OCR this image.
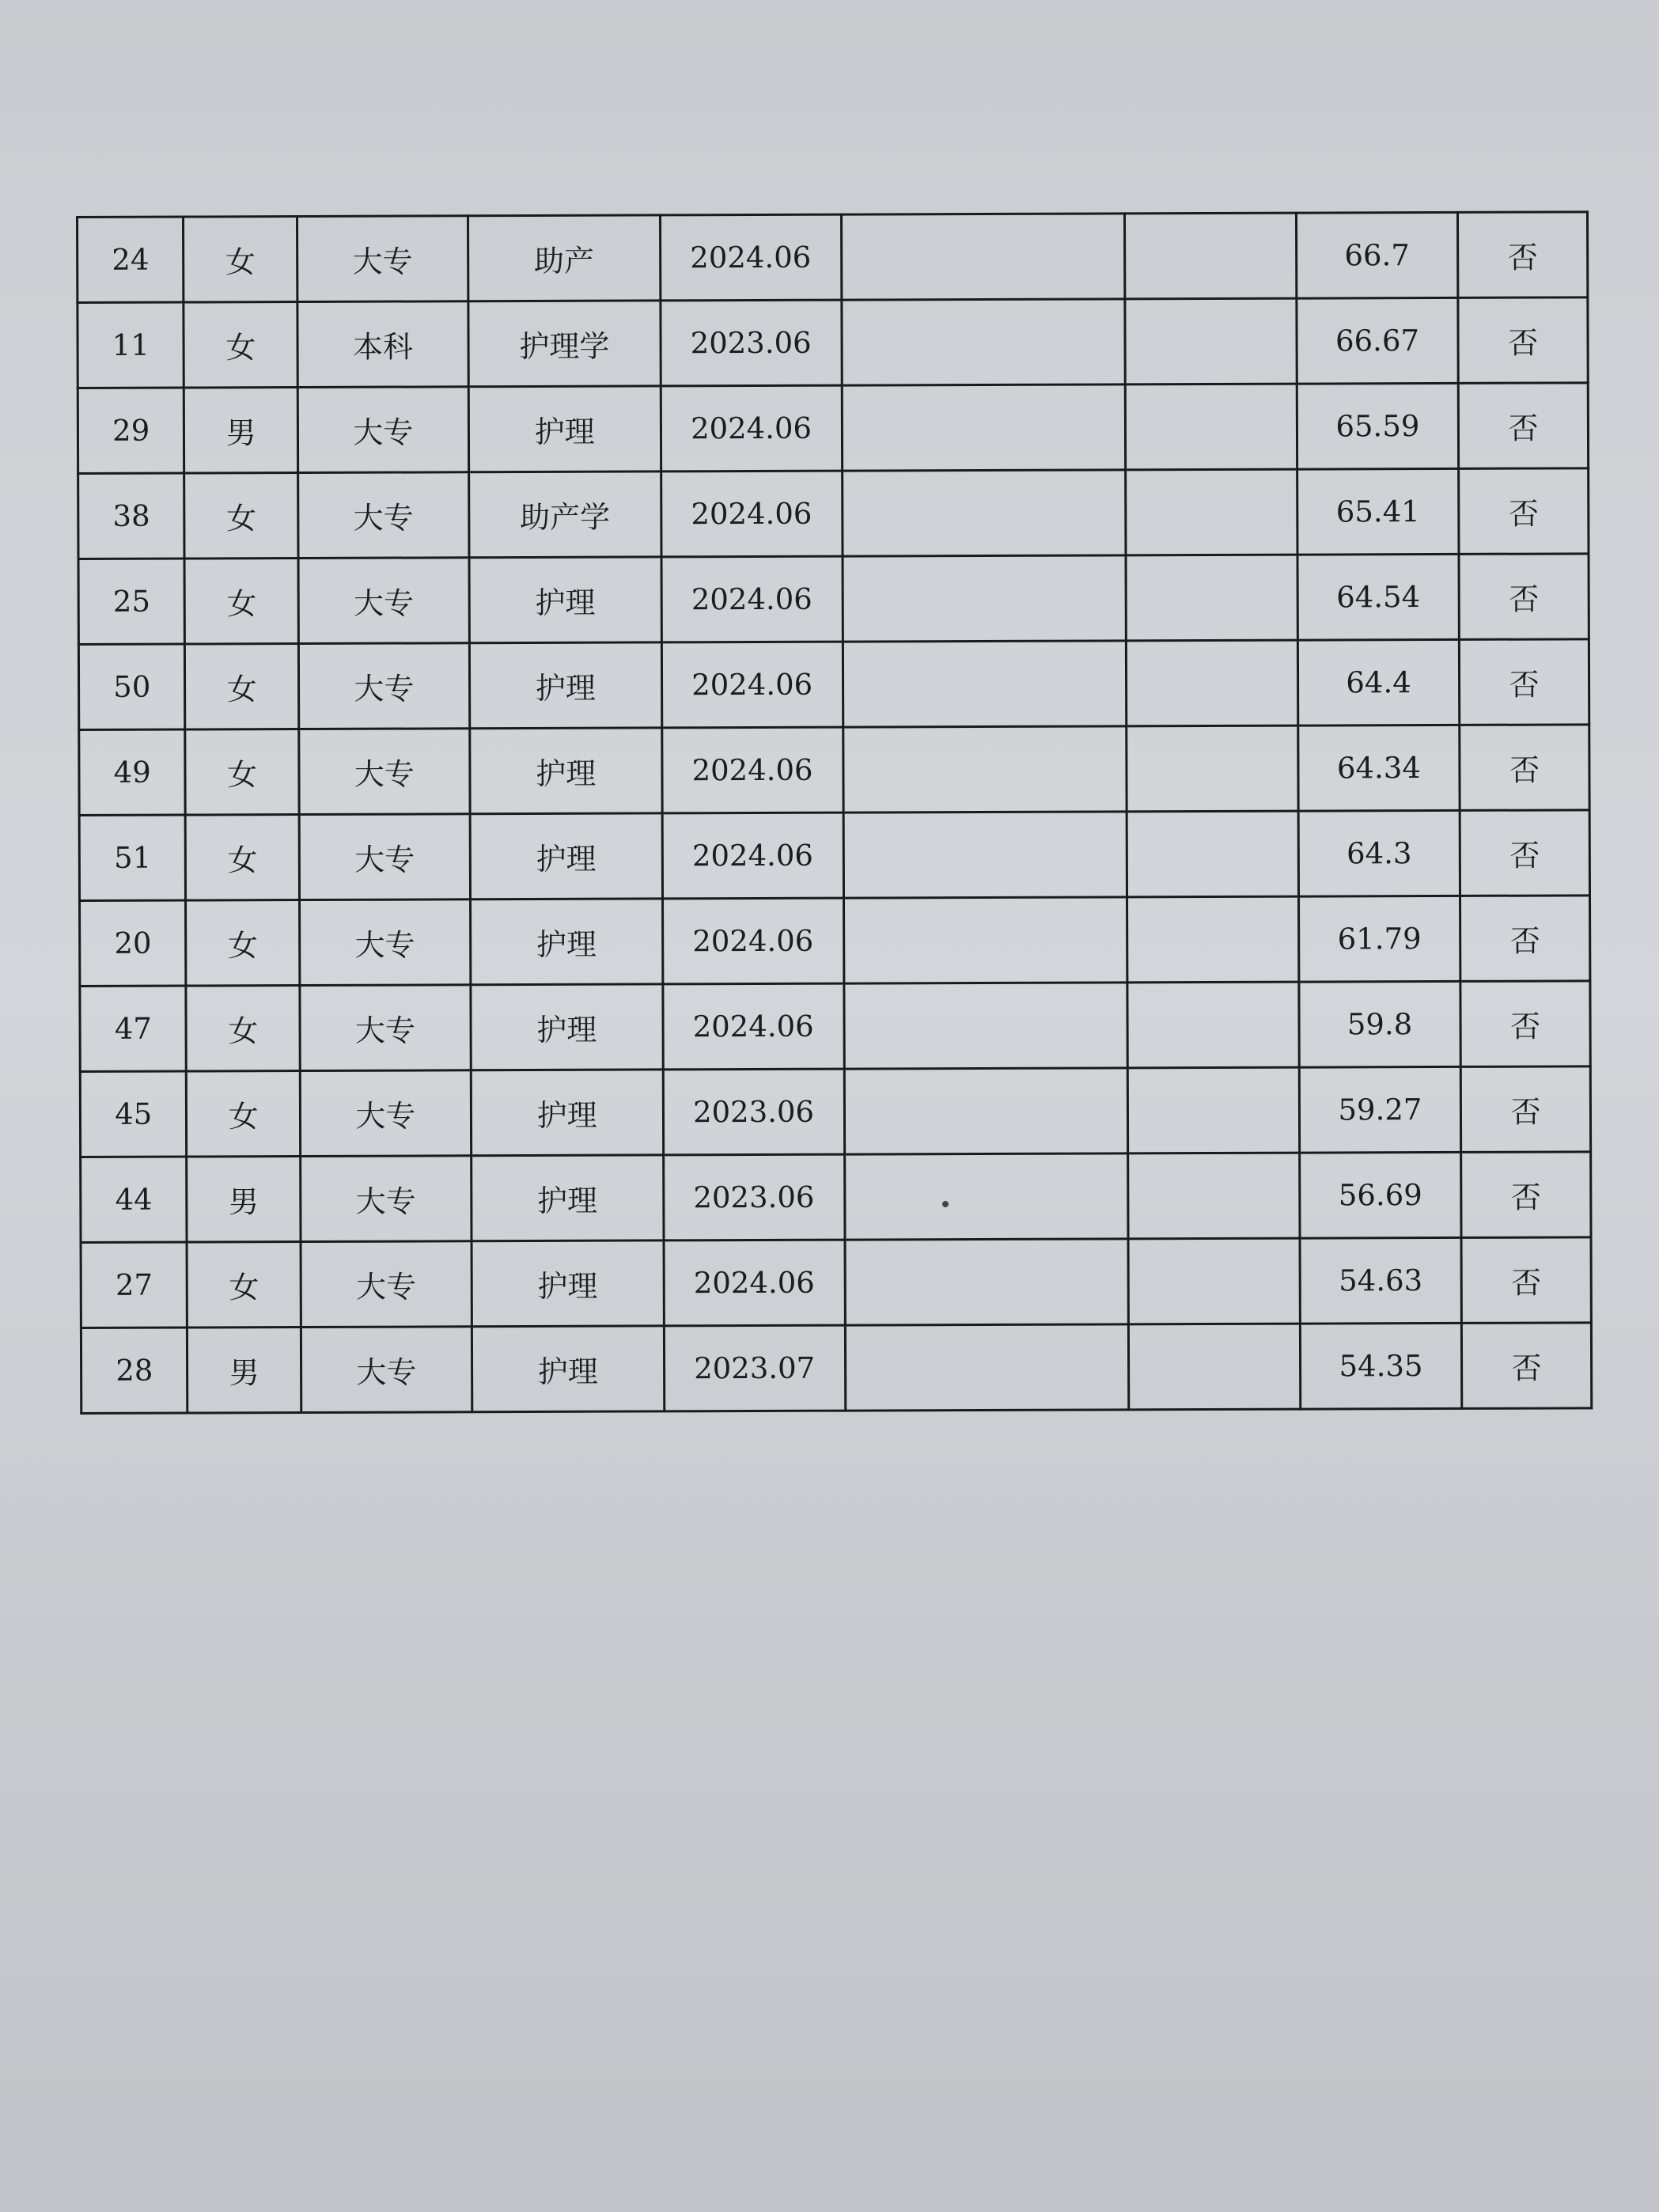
24	女	大专	助产	2024.06			66.7	否
11	女	本科	护理学	2023.06			66.67	否
29	男	大专	护理	2024.06			65.59	否
38	女	大专	助产学	2024.06			65.41	否
25	女	大专	护理	2024.06			64.54	否
50	女	大专	护理	2024.06			64.4	否
49	女	大专	护理	2024.06			64.34	否
51	女	大专	护理	2024.06			64.3	否
20	女	大专	护理	2024.06			61.79	否
47	女	大专	护理	2024.06			59.8	否
45	女	大专	护理	2023.06			59.27	否
44	男	大专	护理	2023.06			56.69	否
27	女	大专	护理	2024.06			54.63	否
28	男	大专	护理	2023.07			54.35	否
